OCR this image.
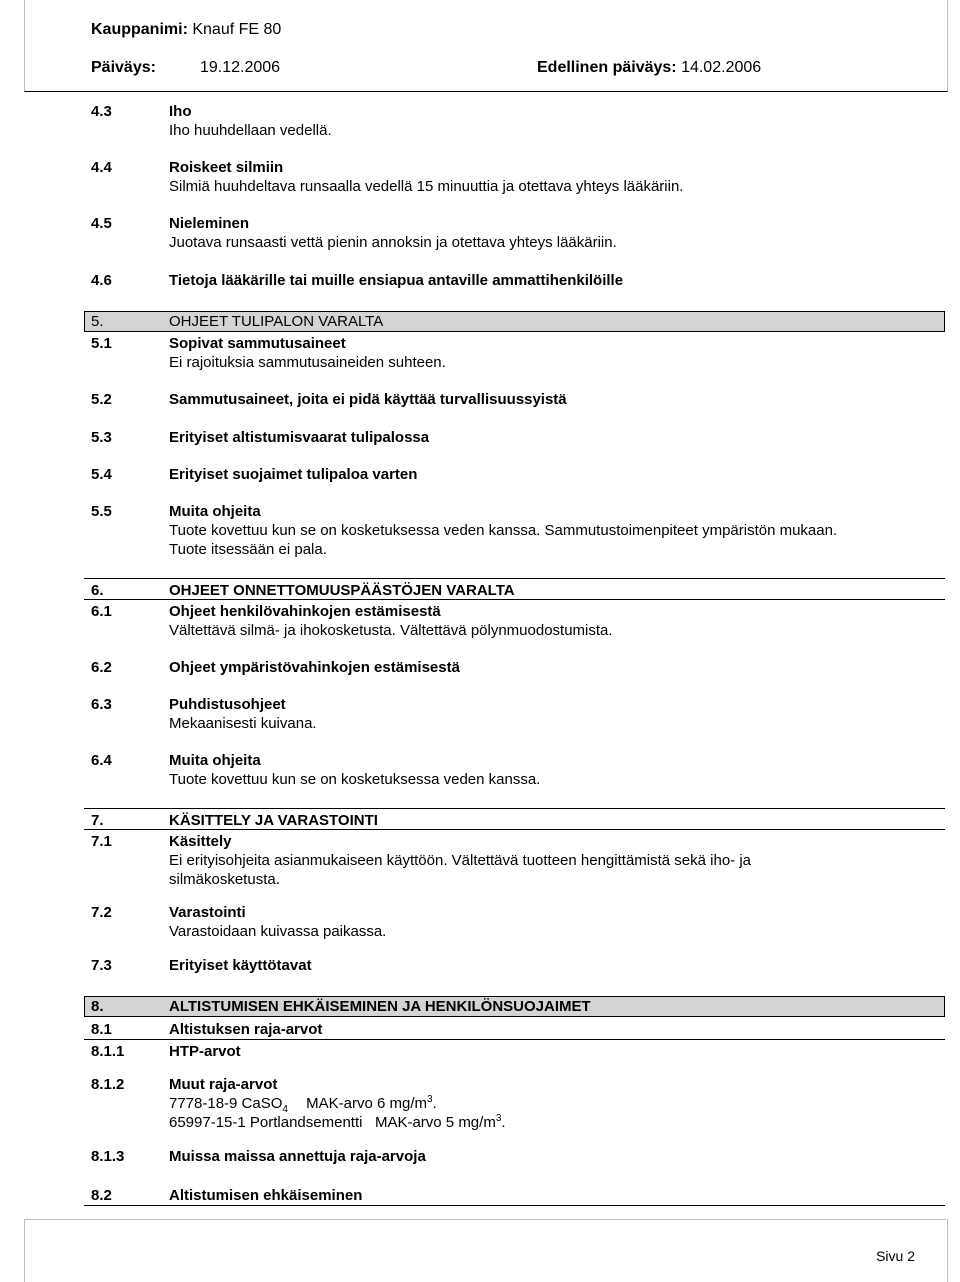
Kauppanimi: Knauf FE 80
Päiväys:	19.12.2006	Edellinen päiväys: 14.02.2006
4.3	Iho
Iho huuhdellaan vedellä.
4.4	Roiskeet silmiin
Silmiä huuhdeltava runsaalla vedellä 15 minuuttia ja otettava yhteys lääkäriin.
4.5	Nieleminen
Juotava runsaasti vettä pienin annoksin ja otettava yhteys lääkäriin.
4.6	Tietoja lääkärille tai muille ensiapua antaville ammattihenkilöille
5.	OHJEET TULIPALON VARALTA
5.1	Sopivat sammutusaineet
Ei rajoituksia sammutusaineiden suhteen.
5.2	Sammutusaineet, joita ei pidä käyttää turvallisuussyistä
5.3	Erityiset altistumisvaarat tulipalossa
5.4	Erityiset suojaimet tulipaloa varten
5.5	Muita ohjeita
Tuote kovettuu kun se on kosketuksessa veden kanssa. Sammutustoimenpiteet ympäristön mukaan.
Tuote itsessään ei pala.
6.	OHJEET ONNETTOMUUSPÄÄSTÖJEN VARALTA
6.1	Ohjeet henkilövahinkojen estämisestä
Vältettävä silmä- ja ihokosketusta. Vältettävä pölynmuodostumista.
6.2	Ohjeet ympäristövahinkojen estämisestä
6.3	Puhdistusohjeet
Mekaanisesti kuivana.
6.4	Muita ohjeita
Tuote kovettuu kun se on kosketuksessa veden kanssa.
7.	KÄSITTELY JA VARASTOINTI
7.1	Käsittely
Ei erityisohjeita asianmukaiseen käyttöön. Vältettävä tuotteen hengittämistä sekä iho- ja
silmäkosketusta.
7.2	Varastointi
Varastoidaan kuivassa paikassa.
7.3	Erityiset käyttötavat
8.	ALTISTUMISEN EHKÄISEMINEN JA HENKILÖNSUOJAIMET
8.1	Altistuksen raja-arvot
8.1.1	HTP-arvot
8.1.2	Muut raja-arvot
7778-18-9 CaSO$_4$ MAK-arvo 6 $mg/m^3$.
65997-15-1 Portlandsementti   MAK-arvo 5 $mg/m^3$.
8.1.3	Muissa maissa annettuja raja-arvoja
8.2	Altistumisen ehkäiseminen
Sivu 2
